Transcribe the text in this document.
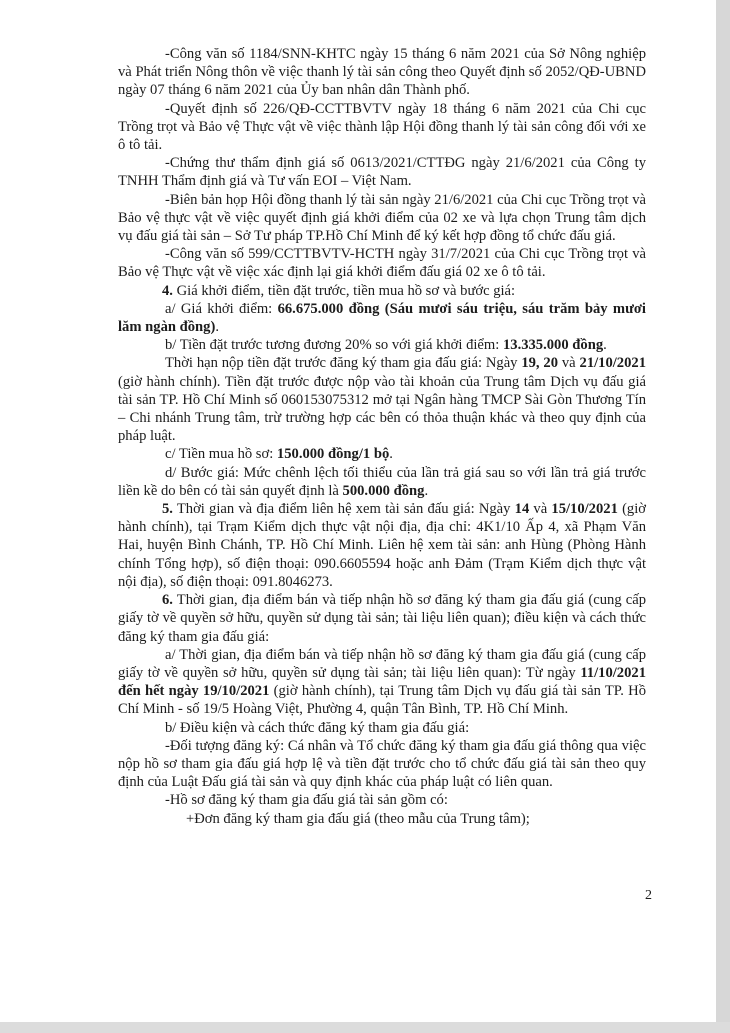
-Công văn số 1184/SNN-KHTC ngày 15 tháng 6 năm 2021 của Sở Nông nghiệp và Phát triển Nông thôn về việc thanh lý tài sản công theo Quyết định số 2052/QĐ-UBND ngày 07 tháng 6 năm 2021 của Ủy ban nhân dân Thành phố.

-Quyết định số 226/QĐ-CCTTBVTV ngày 18 tháng 6 năm 2021 của Chi cục Trồng trọt và Bảo vệ Thực vật về việc thành lập Hội đồng thanh lý tài sản công đối với xe ô tô tải.

-Chứng thư thẩm định giá số 0613/2021/CTTĐG ngày 21/6/2021 của Công ty TNHH Thẩm định giá và Tư vấn EOI – Việt Nam.

-Biên bản họp Hội đồng thanh lý tài sản ngày 21/6/2021 của Chi cục Trồng trọt và Bảo vệ thực vật về việc quyết định giá khởi điểm của 02 xe và lựa chọn Trung tâm dịch vụ đấu giá tài sản – Sở Tư pháp TP.Hồ Chí Minh để ký kết hợp đồng tổ chức đấu giá.

-Công văn số 599/CCTTBVTV-HCTH ngày 31/7/2021 của Chi cục Trồng trọt và Bảo vệ Thực vật về việc xác định lại giá khởi điểm đấu giá 02 xe ô tô tải.

4. Giá khởi điểm, tiền đặt trước, tiền mua hồ sơ và bước giá:

a/ Giá khởi điểm: 66.675.000 đồng (Sáu mươi sáu triệu, sáu trăm bảy mươi lăm ngàn đồng).

b/ Tiền đặt trước tương đương 20% so với giá khởi điểm: 13.335.000 đồng.

Thời hạn nộp tiền đặt trước đăng ký tham gia đấu giá: Ngày 19, 20 và 21/10/2021 (giờ hành chính). Tiền đặt trước được nộp vào tài khoản của Trung tâm Dịch vụ đấu giá tài sản TP. Hồ Chí Minh số 060153075312 mở tại Ngân hàng TMCP Sài Gòn Thương Tín – Chi nhánh Trung tâm, trừ trường hợp các bên có thỏa thuận khác và theo quy định của pháp luật.

c/ Tiền mua hồ sơ: 150.000 đồng/1 bộ.

d/ Bước giá: Mức chênh lệch tối thiểu của lần trả giá sau so với lần trả giá trước liền kề do bên có tài sản quyết định là 500.000 đồng.

5. Thời gian và địa điểm liên hệ xem tài sản đấu giá: Ngày 14 và 15/10/2021 (giờ hành chính), tại Trạm Kiểm dịch thực vật nội địa, địa chỉ: 4K1/10 Ấp 4, xã Phạm Văn Hai, huyện Bình Chánh, TP. Hồ Chí Minh. Liên hệ xem tài sản: anh Hùng (Phòng Hành chính Tổng hợp), số điện thoại: 090.6605594 hoặc anh Đảm (Trạm Kiểm dịch thực vật nội địa), số điện thoại: 091.8046273.

6. Thời gian, địa điểm bán và tiếp nhận hồ sơ đăng ký tham gia đấu giá (cung cấp giấy tờ về quyền sở hữu, quyền sử dụng tài sản; tài liệu liên quan); điều kiện và cách thức đăng ký tham gia đấu giá:

a/ Thời gian, địa điểm bán và tiếp nhận hồ sơ đăng ký tham gia đấu giá (cung cấp giấy tờ về quyền sở hữu, quyền sử dụng tài sản; tài liệu liên quan): Từ ngày 11/10/2021 đến hết ngày 19/10/2021 (giờ hành chính), tại Trung tâm Dịch vụ đấu giá tài sản TP. Hồ Chí Minh - số 19/5 Hoàng Việt, Phường 4, quận Tân Bình, TP. Hồ Chí Minh.

b/ Điều kiện và cách thức đăng ký tham gia đấu giá:

-Đối tượng đăng ký: Cá nhân và Tổ chức đăng ký tham gia đấu giá thông qua việc nộp hồ sơ tham gia đấu giá hợp lệ và tiền đặt trước cho tổ chức đấu giá tài sản theo quy định của Luật Đấu giá tài sản và quy định khác của pháp luật có liên quan.

-Hồ sơ đăng ký tham gia đấu giá tài sản gồm có:

+Đơn đăng ký tham gia đấu giá (theo mẫu của Trung tâm);

2
